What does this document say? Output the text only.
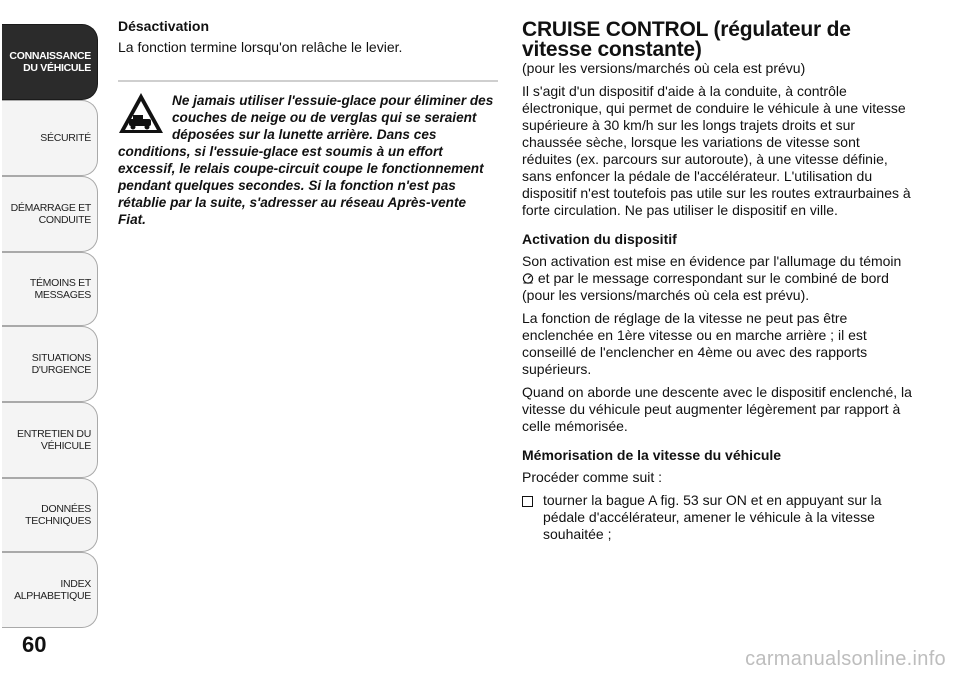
CONNAISSANCE
DU VÉHICULE
SÉCURITÉ
DÉMARRAGE ET
CONDUITE
TÉMOINS ET
MESSAGES
SITUATIONS
D'URGENCE
ENTRETIEN DU
VÉHICULE
DONNÉES
TECHNIQUES
INDEX
ALPHABETIQUE
60

Désactivation

La fonction termine lorsqu'on relâche le levier.

Ne jamais utiliser l'essuie-glace pour éliminer des couches de neige ou de verglas qui se seraient déposées sur la lunette arrière. Dans ces conditions, si l'essuie-glace est soumis à un effort excessif, le relais coupe-circuit coupe le fonctionnement pendant quelques secondes. Si la fonction n'est pas rétablie par la suite, s'adresser au réseau Après-vente Fiat.

CRUISE CONTROL (régulateur de vitesse constante)

(pour les versions/marchés où cela est prévu)

Il s'agit d'un dispositif d'aide à la conduite, à contrôle électronique, qui permet de conduire le véhicule à une vitesse supérieure à 30 km/h sur les longs trajets droits et sur chaussée sèche, lorsque les variations de vitesse sont réduites (ex. parcours sur autoroute), à une vitesse définie, sans enfoncer la pédale de l'accélérateur. L'utilisation du dispositif n'est toutefois pas utile sur les routes extraurbaines à forte circulation. Ne pas utiliser le dispositif en ville.

Activation du dispositif

Son activation est mise en évidence par l'allumage du témoin  et par le message correspondant sur le combiné de bord (pour les versions/marchés où cela est prévu).

La fonction de réglage de la vitesse ne peut pas être enclenchée en 1ère vitesse ou en marche arrière ; il est conseillé de l'enclencher en 4ème ou avec des rapports supérieurs.

Quand on aborde une descente avec le dispositif enclenché, la vitesse du véhicule peut augmenter légèrement par rapport à celle mémorisée.

Mémorisation de la vitesse du véhicule

Procéder comme suit :

tourner la bague A fig. 53 sur ON et en appuyant sur la pédale d'accélérateur, amener le véhicule à la vitesse souhaitée ;
carmanualsonline.info
